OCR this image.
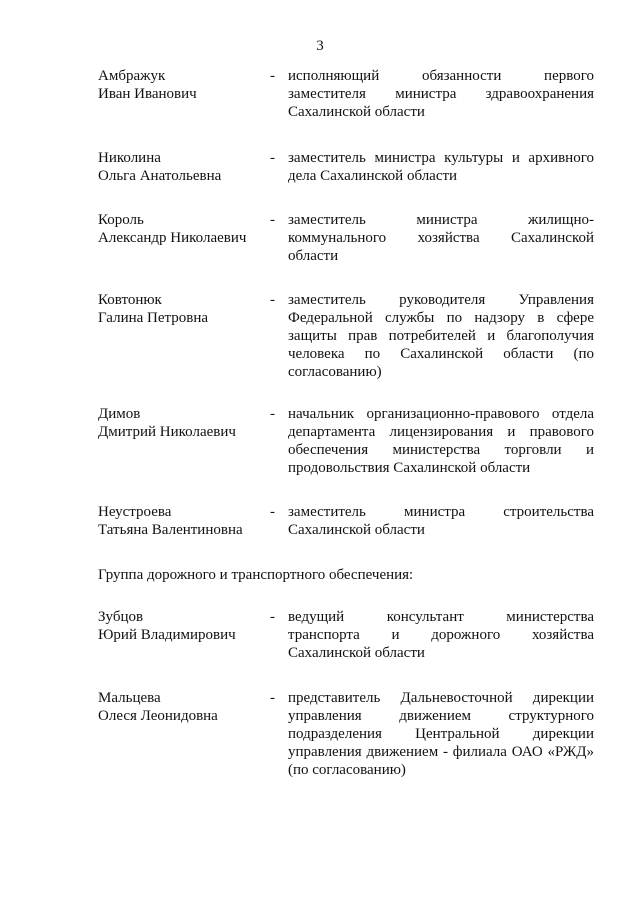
3
Амбражук
Иван Иванович
- исполняющий обязанности первого
заместителя министра здравоохранения
Сахалинской области
Николина
Ольга Анатольевна
- заместитель министра культуры и архивного
дела Сахалинской области
Король
Александр Николаевич
- заместитель министра жилищно-
коммунального хозяйства Сахалинской
области
Ковтонюк
Галина Петровна
- заместитель руководителя Управления
Федеральной службы по надзору в сфере
защиты прав потребителей и благополучия
человека по Сахалинской области (по
согласованию)
Димов
Дмитрий Николаевич
- начальник организационно-правового отдела
департамента лицензирования и правового
обеспечения министерства торговли и
продовольствия Сахалинской области
Неустроева
Татьяна Валентиновна
- заместитель министра строительства
Сахалинской области
Группа дорожного и транспортного обеспечения:
Зубцов
Юрий Владимирович
- ведущий консультант министерства
транспорта и дорожного хозяйства
Сахалинской области
Мальцева
Олеся Леонидовна
- представитель Дальневосточной дирекции
управления движением структурного
подразделения Центральной дирекции
управления движением - филиала ОАО «РЖД»
(по согласованию)
